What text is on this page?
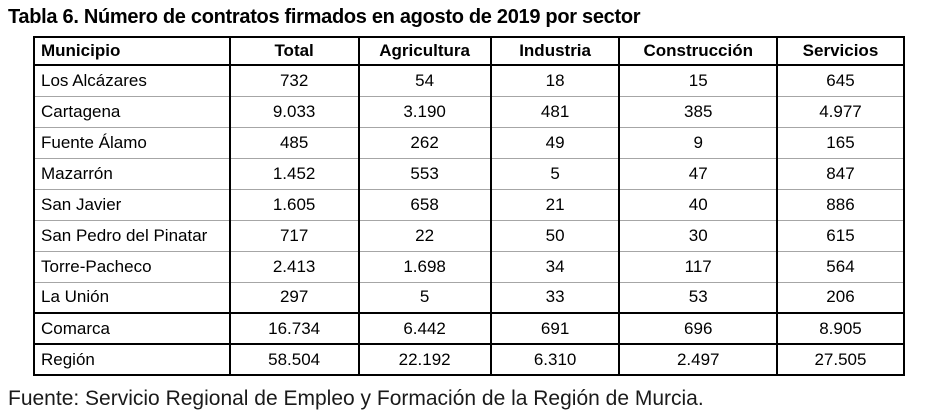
Tabla 6. Número de contratos firmados en agosto de 2019 por sector
Municipio	Total	Agricultura	Industria	Construcción	Servicios
Los Alcázares	732	54	18	15	645
Cartagena	9.033	3.190	481	385	4.977
Fuente Álamo	485	262	49	9	165
Mazarrón	1.452	553	5	47	847
San Javier	1.605	658	21	40	886
San Pedro del Pinatar	717	22	50	30	615
Torre-Pacheco	2.413	1.698	34	117	564
La Unión	297	5	33	53	206
Comarca	16.734	6.442	691	696	8.905
Región	58.504	22.192	6.310	2.497	27.505

Fuente: Servicio Regional de Empleo y Formación de la Región de Murcia.
